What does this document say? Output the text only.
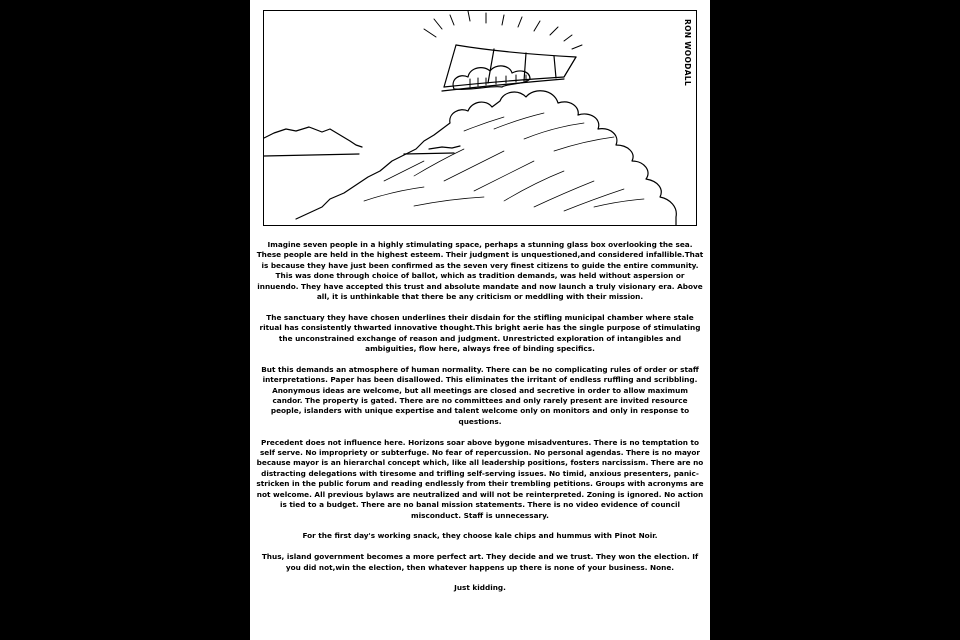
RON WOODALL

Imagine seven people in a highly stimulating space, perhaps a stunning glass box overlooking the sea. These people are held in the highest esteem. Their judgment is unquestioned,and considered infallible.That is because they have just been confirmed as the seven very finest citizens to guide the entire community. This was done through choice of ballot, which as tradition demands, was held without aspersion or innuendo. They have accepted this trust and absolute mandate and now launch a truly visionary era. Above all, it is unthinkable that there be any criticism or meddling with their mission.

The sanctuary they have chosen underlines their disdain for the stifling municipal chamber where stale ritual has consistently thwarted innovative thought.This bright aerie has the single purpose of stimulating the unconstrained exchange of reason and judgment. Unrestricted exploration of intangibles and ambiguities, flow here, always free of binding specifics.

But this demands an atmosphere of human normality. There can be no complicating rules of order or staff interpretations. Paper has been disallowed. This eliminates the irritant of endless ruffling and scribbling. Anonymous ideas are welcome, but all meetings are closed and secretive in order to allow maximum candor. The property is gated. There are no committees and only rarely present are invited resource people, islanders with unique expertise and talent welcome only on monitors and only in response to questions.

Precedent does not influence here. Horizons soar above bygone misadventures. There is no temptation to self serve. No impropriety or subterfuge. No fear of repercussion. No personal agendas. There is no mayor because mayor is an hierarchal concept which, like all leadership positions, fosters narcissism. There are no distracting delegations with tiresome and trifling self-serving issues. No timid, anxious presenters, panic-stricken in the public forum and reading endlessly from their trembling petitions. Groups with acronyms are not welcome. All previous bylaws are neutralized and will not be reinterpreted. Zoning is ignored. No action is tied to a budget. There are no banal mission statements. There is no video evidence of council misconduct. Staff is unnecessary.

For the first day's working snack, they choose kale chips and hummus with Pinot Noir.

Thus, island government becomes a more perfect art. They decide and we trust. They won the election. If you did not,win the election, then whatever happens up there is none of your business. None.

Just kidding.
